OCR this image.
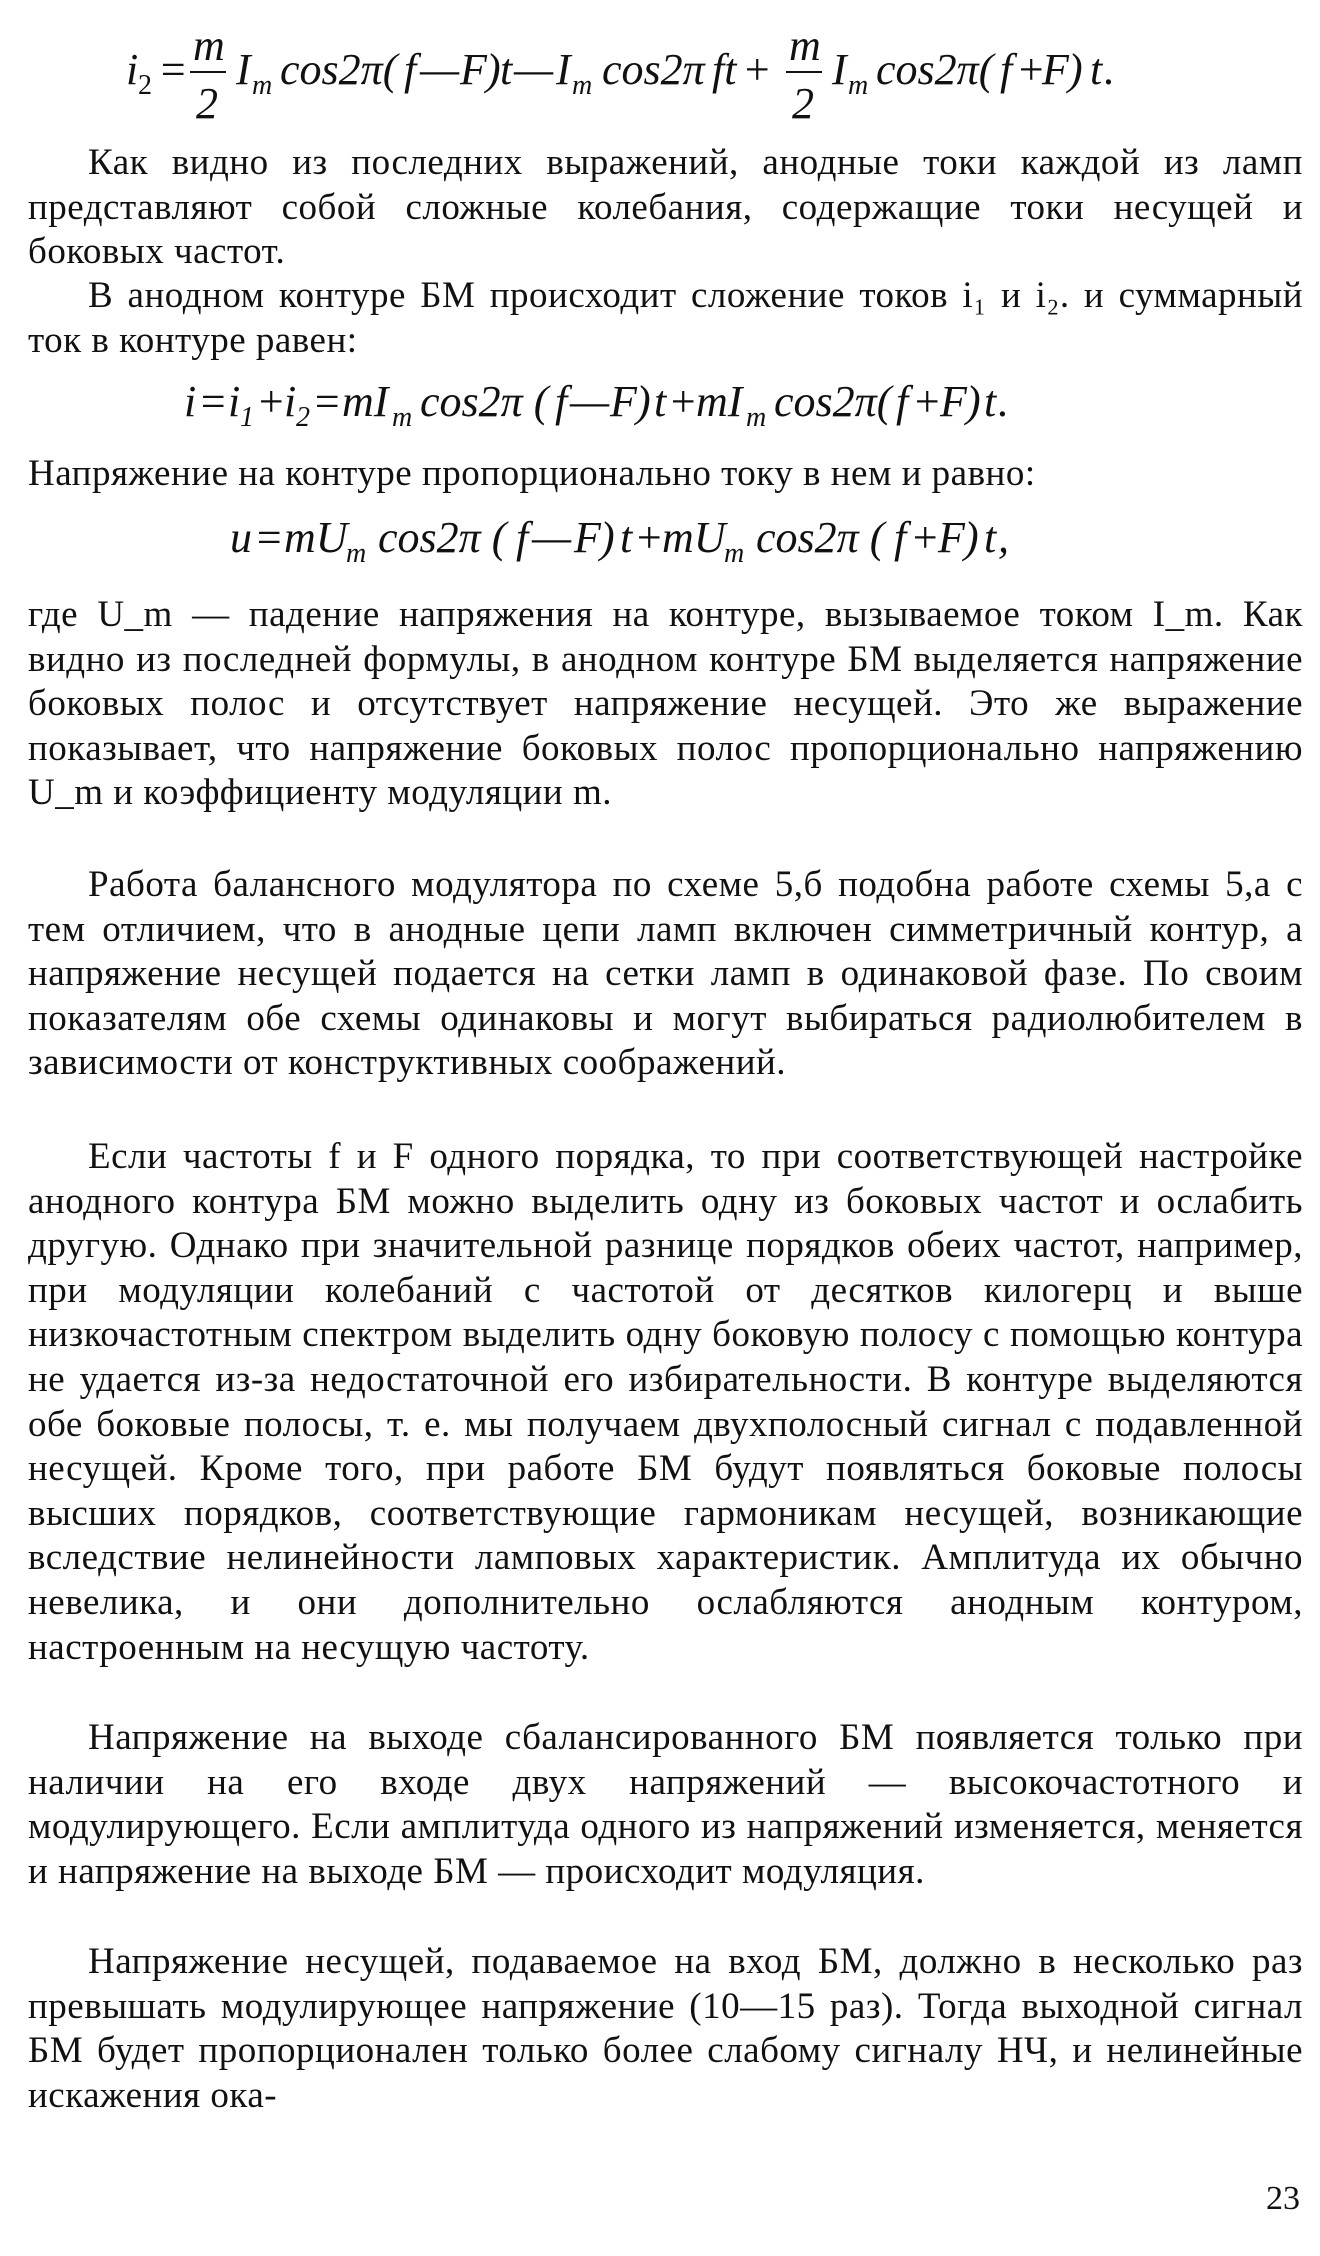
i 2 = m
2
I m cos2π( f — F ) t — I m cos2π ft + m
2
I m cos2π( f +
F ) t .

Как видно из последних выражений, анодные токи каждой из ламп представляют собой сложные колебания, содержащие токи несущей и боковых частот.

В анодном контуре БМ происходит сложение токов i₁ и i₂. и суммарный ток в контуре равен:

i = i 1 +
i 2 = mI m cos2π ( f — F ) t +
mI m cos2π( f +
F ) t .

Напряжение на контуре пропорционально току в нем и равно:

u = mU
m cos2π ( f — F ) t +
mU
m cos2π ( f +
F ) t ,

где U_m — падение напряжения на контуре, вызываемое током I_m. Как видно из последней формулы, в анодном контуре БМ выделяется напряжение боковых полос и отсутствует напряжение несущей. Это же выражение показывает, что напряжение боковых полос пропорционально напряжению U_m и коэффициенту модуляции m.

Работа балансного модулятора по схеме 5,б подобна работе схемы 5,а с тем отличием, что в анодные цепи ламп включен симметричный контур, а напряжение несущей подается на сетки ламп в одинаковой фазе. По своим показателям обе схемы одинаковы и могут выбираться радиолюбителем в зависимости от конструктивных соображений.

Если частоты f и F одного порядка, то при соответствующей настройке анодного контура БМ можно выделить одну из боковых частот и ослабить другую. Однако при значительной разнице порядков обеих частот, например, при модуляции колебаний с частотой от десятков килогерц и выше низкочастотным спектром выделить одну боковую полосу с помощью контура не удается из-за недостаточной его избирательности. В контуре выделяются обе боковые полосы, т. е. мы получаем двухполосный сигнал с подавленной несущей. Кроме того, при работе БМ будут появляться боковые полосы высших порядков, соответствующие гармоникам несущей, возникающие вследствие нелинейности ламповых характеристик. Амплитуда их обычно невелика, и они дополнительно ослабляются анодным контуром, настроенным на несущую частоту.

Напряжение на выходе сбалансированного БМ появляется только при наличии на его входе двух напряжений — высокочастотного и модулирующего. Если амплитуда одного из напряжений изменяется, меняется и напряжение на выходе БМ — происходит модуляция.

Напряжение несущей, подаваемое на вход БМ, должно в несколько раз превышать модулирующее напряжение (10—15 раз). Тогда выходной сигнал БМ будет пропорционален только более слабому сигналу НЧ, и нелинейные искажения ока-

23
